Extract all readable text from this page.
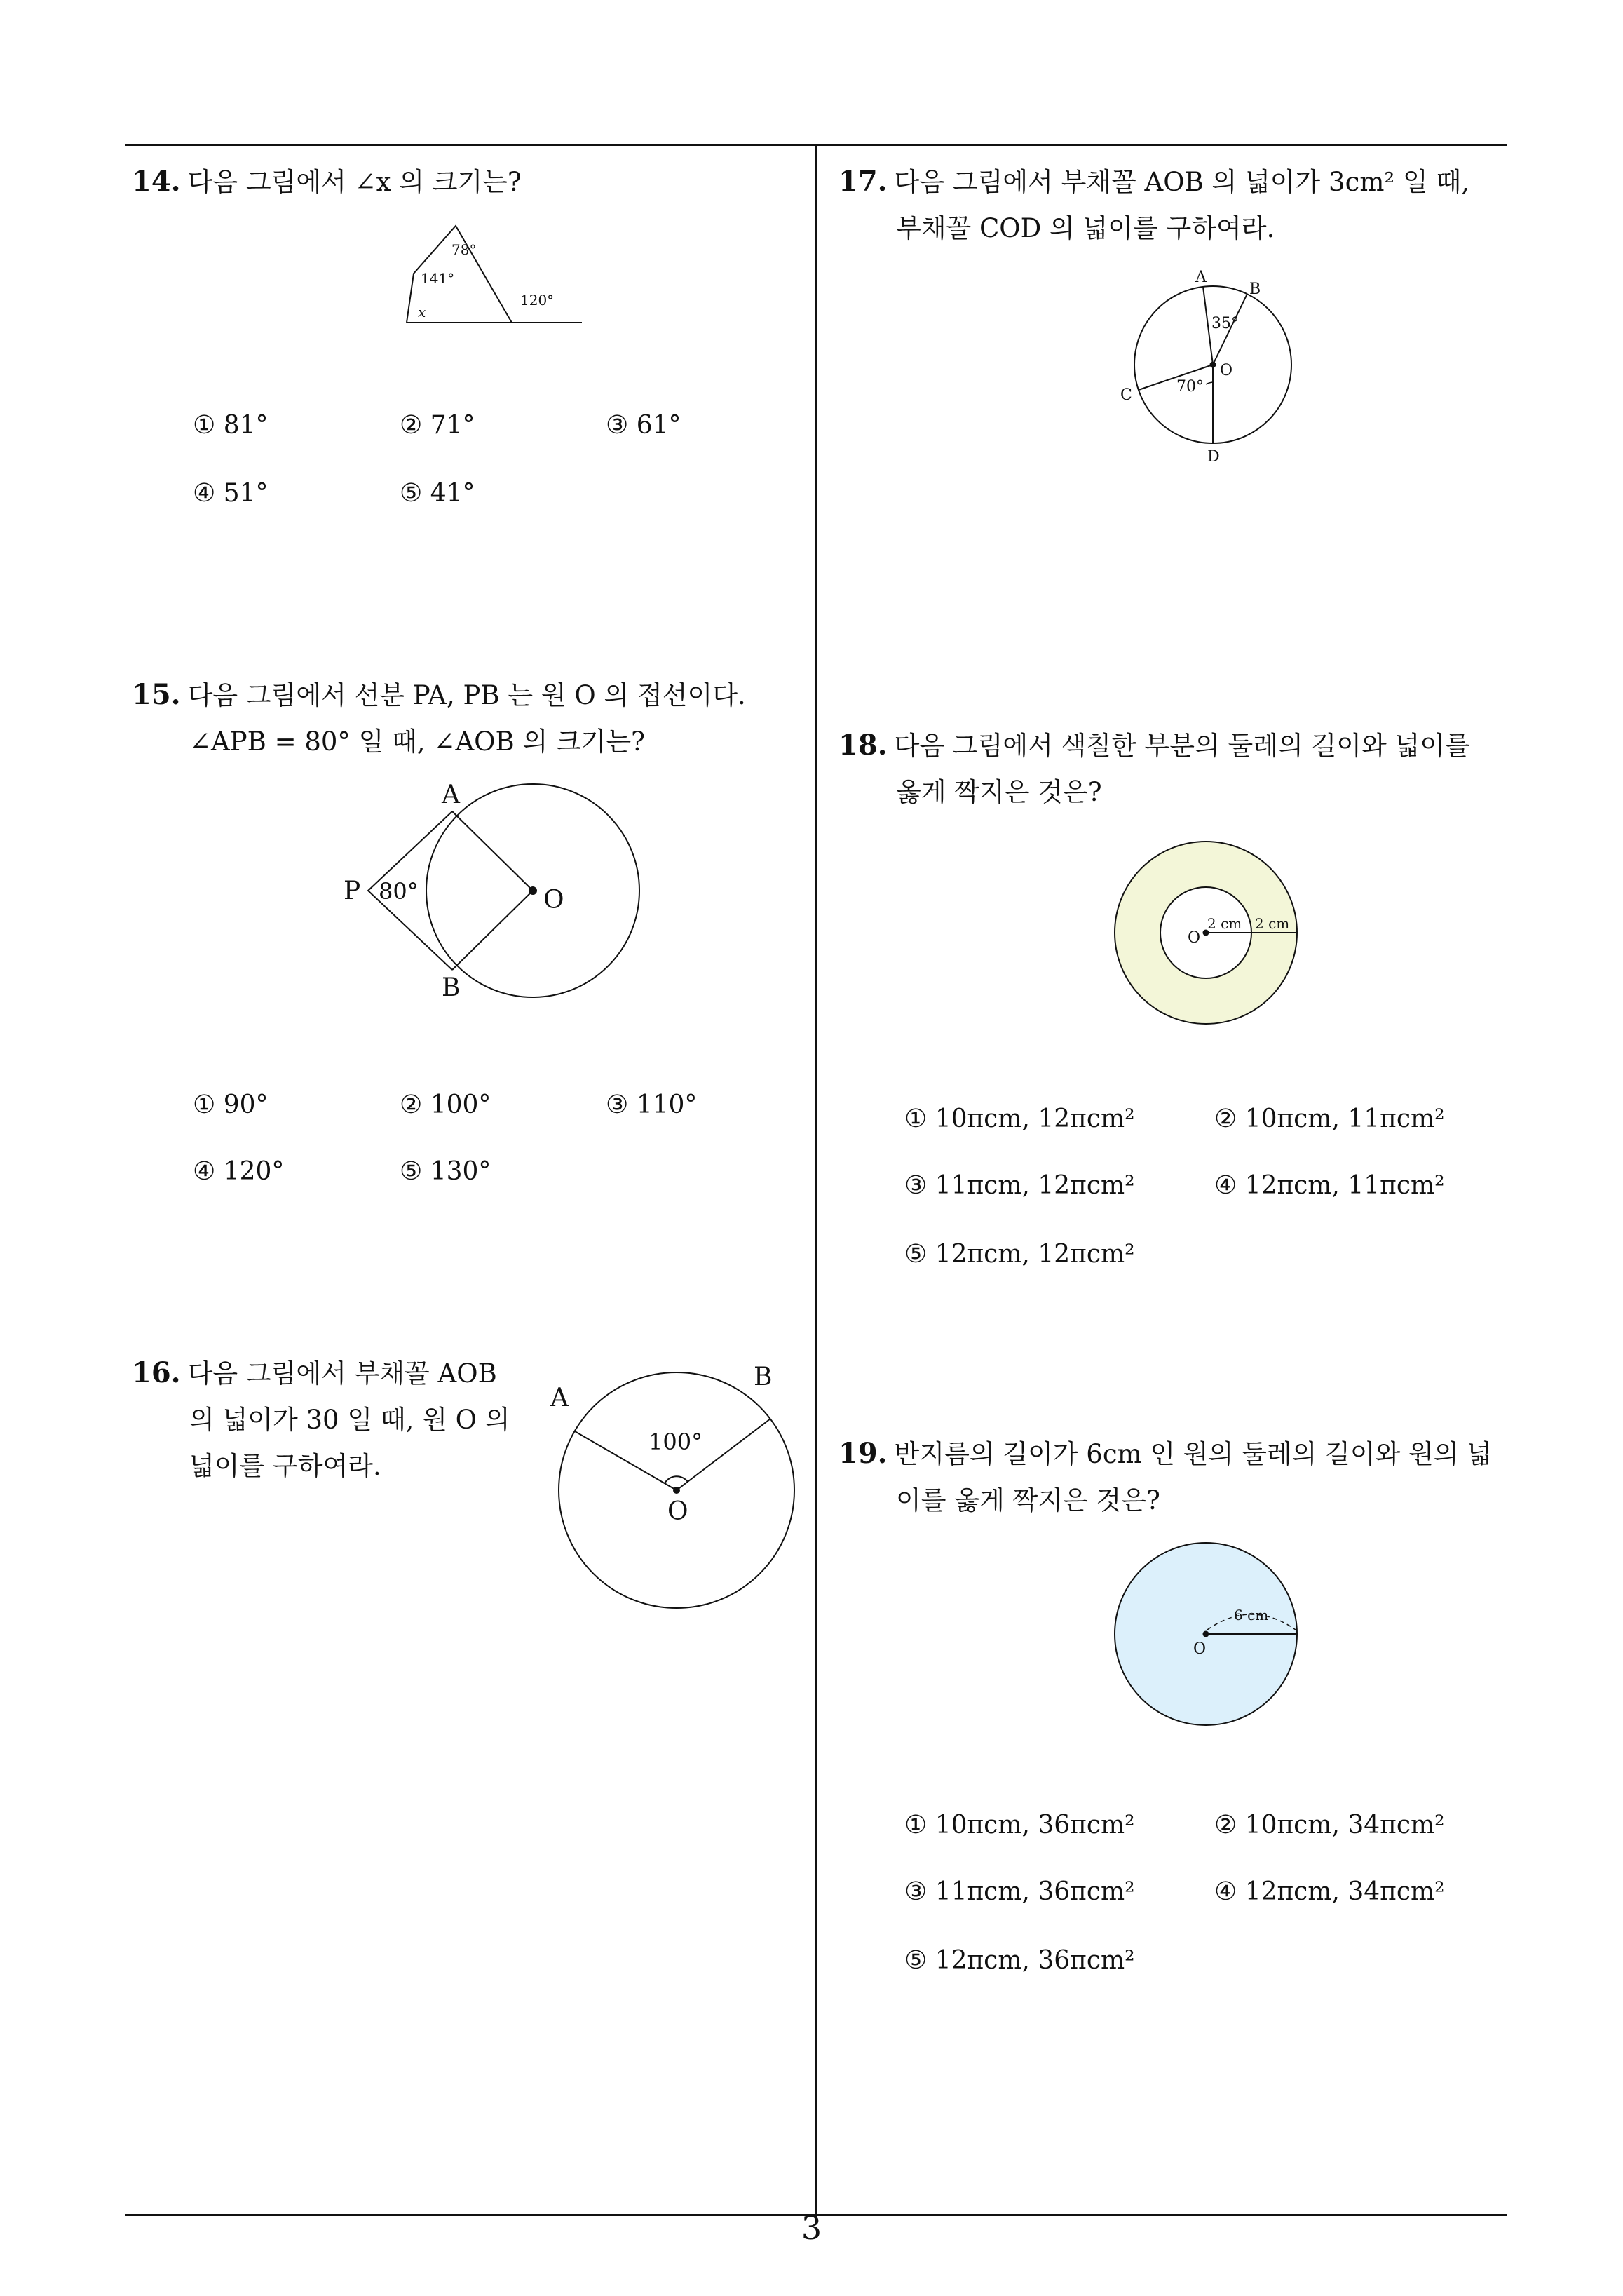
14. 다음 그림에서 ∠x 의 크기는?
78°
141°
x
120°
① 81°	② 71°	③ 61°
④ 51°	⑤ 41°
15. 다음 그림에서 선분 PA, PB 는 원 O 의 접선이다.
∠APB = 80° 일 때, ∠AOB 의 크기는?
A
B
P	O
80°
① 90°	② 100°	③ 110°
④ 120°	⑤ 130°
16. 다음 그림에서 부채꼴 AOB
의 넓이가 30 일 때, 원 O 의
넓이를 구하여라.
A
B
O
100°
17. 다음 그림에서 부채꼴 AOB 의 넓이가 3cm² 일 때,
부채꼴 COD 의 넓이를 구하여라.
A
B
C
D
O
35°
70°
18. 다음 그림에서 색칠한 부분의 둘레의 길이와 넓이를
옳게 짝지은 것은?
O
2 cm 2 cm
① 10πcm, 12πcm²	② 10πcm, 11πcm²
③ 11πcm, 12πcm²	④ 12πcm, 11πcm²
⑤ 12πcm, 12πcm²
19. 반지름의 길이가 6cm 인 원의 둘레의 길이와 원의 넓
이를 옳게 짝지은 것은?
O
6 cm
① 10πcm, 36πcm²	② 10πcm, 34πcm²
③ 11πcm, 36πcm²	④ 12πcm, 34πcm²
⑤ 12πcm, 36πcm²
3
